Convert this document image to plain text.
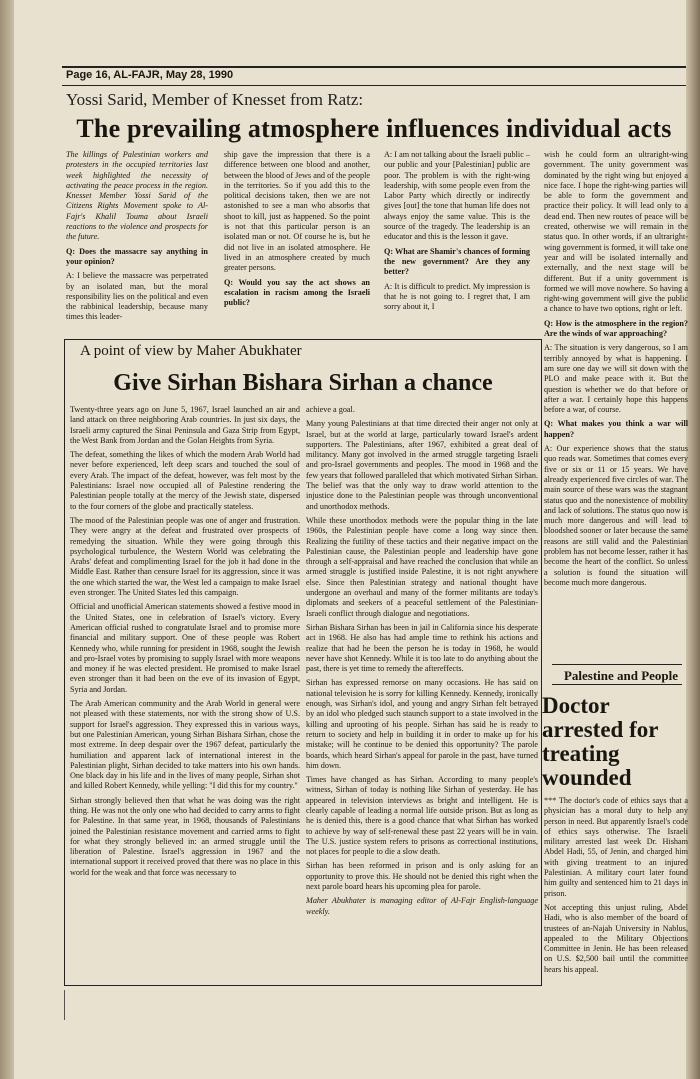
Page 16, AL-FAJR, May 28, 1990
Yossi Sarid, Member of Knesset from Ratz:
The prevailing atmosphere influences individual acts

The killings of Palestinian workers and protesters in the occupied territories last week highlighted the necessity of activating the peace process in the region. Knesset Member Yossi Sarid of the Citizens Rights Movement spoke to Al-Fajr's Khalil Touma about Israeli reactions to the violence and prospects for the future.

Q: Does the massacre say anything in your opinion?

A: I believe the massacre was perpetrated by an isolated man, but the moral responsibility lies on the political and even the rabbinical leadership, because many times this leader-

ship gave the impression that there is a difference between one blood and another, between the blood of Jews and of the people in the territories. So if you add this to the political decisions taken, then we are not astonished to see a man who absorbs that shoot to kill, just as happened. So the point is not that this particular person is an isolated man or not. Of course he is, but he did not live in an isolated atmosphere. He lived in an atmosphere created by much greater persons.

Q: Would you say the act shows an escalation in racism among the Israeli public?

A: I am not talking about the Israeli public – our public and your [Palestinian] public are poor. The problem is with the right-wing leadership, with some people even from the Labor Party which directly or indirectly gives [out] the tone that human life does not always enjoy the same value. This is the source of the tragedy. The leadership is an educator and this is the lesson it gave.

Q: What are Shamir's chances of forming the new government? Are they any better?

A: It is difficult to predict. My impression is that he is not going to. I regret that, I am sorry about it, I

wish he could form an ultraright-wing government. The unity government was dominated by the right wing but enjoyed a nice face. I hope the right-wing parties will be able to form the government and practice their policy. It will lead only to a dead end. Then new routes of peace will be created, otherwise we will remain in the status quo. In other words, if an ultraright-wing government is formed, it will take one year and will be isolated internally and externally, and the next stage will be different. But if a unity government is formed we will move nowhere. So having a right-wing government will give the public a chance to have two options, right or left.

Q: How is the atmosphere in the region? Are the winds of war approaching?

A: The situation is very dangerous, so I am terribly annoyed by what is happening. I am sure one day we will sit down with the PLO and make peace with it. But the question is whether we do that before or after a war. I certainly hope this happens before a war, of course.

Q: What makes you think a war will happen?

A: Our experience shows that the status quo reads war. Sometimes that comes every five or six or 11 or 15 years. We have already experienced five circles of war. The main source of these wars was the stagnant status quo and the nonexistence of mobility and lack of solutions. The status quo now is much more dangerous and will lead to bloodshed sooner or later because the same reasons are still valid and the Palestinian problem has not become lesser, rather it has become the heart of the conflict. So unless a solution is found the situation will become much more dangerous.

A point of view by Maher Abukhater
Give Sirhan Bishara Sirhan a chance

Twenty-three years ago on June 5, 1967, Israel launched an air and land attack on three neighboring Arab countries. In just six days, the Israeli army captured the Sinai Peninsula and Gaza Strip from Egypt, the West Bank from Jordan and the Golan Heights from Syria.

The defeat, something the likes of which the modern Arab World had never before experienced, left deep scars and touched the soul of every Arab. The impact of the defeat, however, was felt most by the Palestinians: Israel now occupied all of Palestine rendering the Palestinian people totally at the mercy of the Jewish state, dispersed to the four corners of the globe and practically stateless.

The mood of the Palestinian people was one of anger and frustration. They were angry at the defeat and frustrated over prospects of remedying the situation. While they were going through this psychological turbulence, the Western World was celebrating the Arabs' defeat and complimenting Israel for the job it had done in the Middle East. Rather than censure Israel for its aggression, since it was the one which started the war, the West led a campaign to make Israel even stronger. The United States led this campaign.

Official and unofficial American statements showed a festive mood in the United States, one in celebration of Israel's victory. Every American official rushed to congratulate Israel and to promise more financial and military support. One of these people was Robert Kennedy who, while running for president in 1968, sought the Jewish and pro-Israel votes by promising to supply Israel with more weapons and money if he was elected president. He promised to make Israel even stronger than it had been on the eve of its invasion of Egypt, Syria and Jordan.

The Arab American community and the Arab World in general were not pleased with these statements, nor with the strong show of U.S. support for Israel's aggression. They expressed this in various ways, but one Palestinian American, young Sirhan Bishara Sirhan, chose the most extreme. In deep despair over the 1967 defeat, particularly the humiliation and apparent lack of international interest in the Palestinian plight, Sirhan decided to take matters into his own hands. One black day in his life and in the lives of many people, Sirhan shot and killed Robert Kennedy, while yelling: "I did this for my country."

Sirhan strongly believed then that what he was doing was the right thing. He was not the only one who had decided to carry arms to fight for Palestine. In that same year, in 1968, thousands of Palestinians joined the Palestinian resistance movement and carried arms to fight for what they strongly believed in: an armed struggle until the liberation of Palestine. Israel's aggression in 1967 and the international support it received proved that there was no place in this world for the weak and that force was necessary to

achieve a goal.

Many young Palestinians at that time directed their anger not only at Israel, but at the world at large, particularly toward Israel's ardent supporters. The Palestinians, after 1967, exhibited a great deal of militancy. Many got involved in the armed struggle targeting Israeli and pro-Israel governments and peoples. The mood in 1968 and the few years that followed paralleled that which motivated Sirhan Sirhan. The belief was that the only way to draw world attention to the injustice done to the Palestinian people was through unconventional and unorthodox methods.

While these unorthodox methods were the popular thing in the late 1960s, the Palestinian people have come a long way since then. Realizing the futility of these tactics and their negative impact on the Palestinian cause, the Palestinian people and leadership have gone through a self-appraisal and have reached the conclusion that while an armed struggle is justified inside Palestine, it is not right anywhere else. Since then Palestinian strategy and national thought have undergone an overhaul and many of the former militants are today's diplomats and seekers of a peaceful settlement of the Palestinian-Israeli conflict through dialogue and negotiations.

Sirhan Bishara Sirhan has been in jail in California since his desperate act in 1968. He also has had ample time to rethink his actions and realize that had he been the person he is today in 1968, he would never have shot Kennedy. While it is too late to do anything about the past, there is yet time to remedy the aftereffects.

Sirhan has expressed remorse on many occasions. He has said on national television he is sorry for killing Kennedy. Kennedy, ironically enough, was Sirhan's idol, and young and angry Sirhan felt betrayed by an idol who pledged such staunch support to a state involved in the killing and uprooting of his people. Sirhan has said he is ready to return to society and help in building it in order to make up for his mistake; will he continue to be denied this opportunity? The parole boards, which heard Sirhan's appeal for parole in the past, have turned him down.

Times have changed as has Sirhan. According to many people's witness, Sirhan of today is nothing like Sirhan of yesterday. He has appeared in television interviews as bright and intelligent. He is clearly capable of leading a normal life outside prison. But as long as he is denied this, there is a good chance that what Sirhan has worked to achieve by way of self-renewal these past 22 years will be in vain. The U.S. justice system refers to prisons as correctional institutions, not places for people to die a slow death.

Sirhan has been reformed in prison and is only asking for an opportunity to prove this. He should not be denied this right when the next parole board hears his upcoming plea for parole.

Maher Abukhater is managing editor of Al-Fajr English-language weekly.

Palestine and People
Doctor arrested for treating wounded

*** The doctor's code of ethics says that a physician has a moral duty to help any person in need. But apparently Israel's code of ethics says otherwise. The Israeli military arrested last week Dr. Hisham Abdel Hadi, 55, of Jenin, and charged him with giving treatment to an injured Palestinian. A military court later found him guilty and sentenced him to 21 days in prison.

Not accepting this unjust ruling, Abdel Hadi, who is also member of the board of trustees of an-Najah University in Nablus, appealed to the Military Objections Committee in Jenin. He has been released on U.S. $2,500 bail until the committee hears his appeal.
